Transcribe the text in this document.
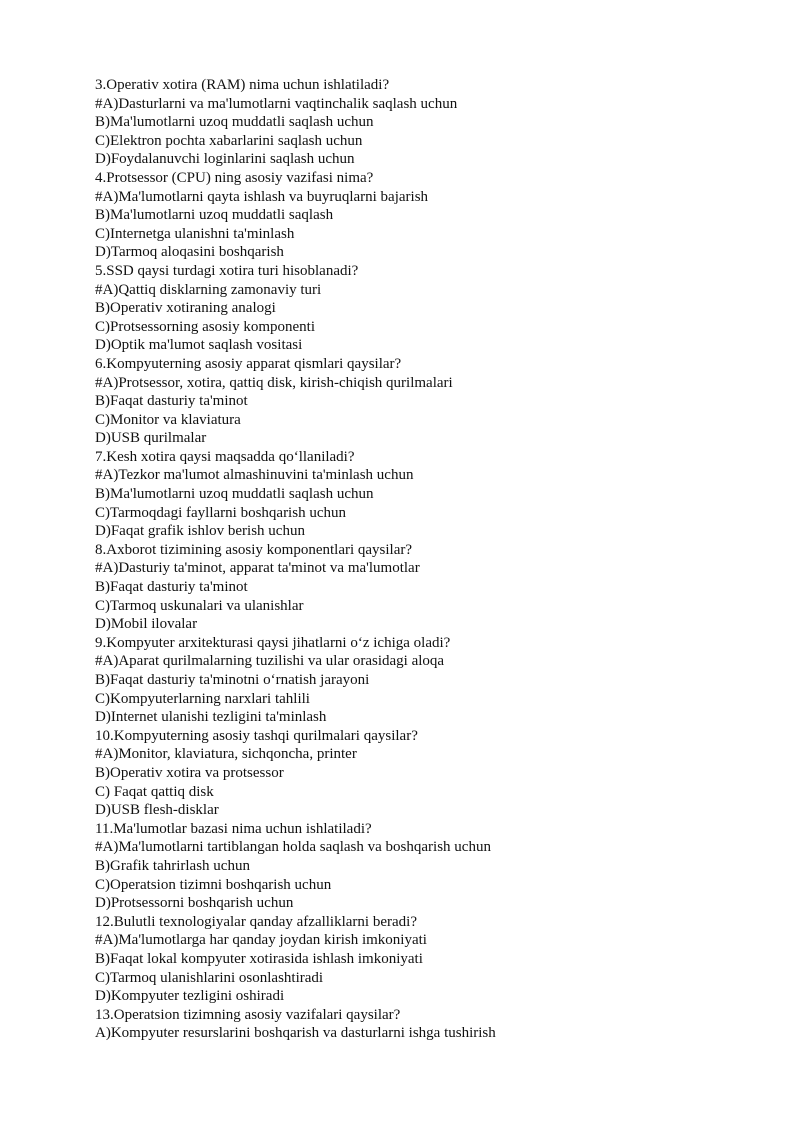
3.Operativ xotira (RAM) nima uchun ishlatiladi?
#A)Dasturlarni va ma'lumotlarni vaqtinchalik saqlash uchun
B)Ma'lumotlarni uzoq muddatli saqlash uchun
C)Elektron pochta xabarlarini saqlash uchun
D)Foydalanuvchi loginlarini saqlash uchun
4.Protsessor (CPU) ning asosiy vazifasi nima?
#A)Ma'lumotlarni qayta ishlash va buyruqlarni bajarish
B)Ma'lumotlarni uzoq muddatli saqlash
C)Internetga ulanishni ta'minlash
D)Tarmoq aloqasini boshqarish
5.SSD qaysi turdagi xotira turi hisoblanadi?
#A)Qattiq disklarning zamonaviy turi
B)Operativ xotiraning analogi
C)Protsessorning asosiy komponenti
D)Optik ma'lumot saqlash vositasi
6.Kompyuterning asosiy apparat qismlari qaysilar?
#A)Protsessor, xotira, qattiq disk, kirish-chiqish qurilmalari
B)Faqat dasturiy ta'minot
C)Monitor va klaviatura
D)USB qurilmalar
7.Kesh xotira qaysi maqsadda qo‘llaniladi?
#A)Tezkor ma'lumot almashinuvini ta'minlash uchun
B)Ma'lumotlarni uzoq muddatli saqlash uchun
C)Tarmoqdagi fayllarni boshqarish uchun
D)Faqat grafik ishlov berish uchun
8.Axborot tizimining asosiy komponentlari qaysilar?
#A)Dasturiy ta'minot, apparat ta'minot va ma'lumotlar
B)Faqat dasturiy ta'minot
C)Tarmoq uskunalari va ulanishlar
D)Mobil ilovalar
9.Kompyuter arxitekturasi qaysi jihatlarni o‘z ichiga oladi?
#A)Aparat qurilmalarning tuzilishi va ular orasidagi aloqa
B)Faqat dasturiy ta'minotni o‘rnatish jarayoni
C)Kompyuterlarning narxlari tahlili
D)Internet ulanishi tezligini ta'minlash
10.Kompyuterning asosiy tashqi qurilmalari qaysilar?
#A)Monitor, klaviatura, sichqoncha, printer
B)Operativ xotira va protsessor
C) Faqat qattiq disk
D)USB flesh-disklar
11.Ma'lumotlar bazasi nima uchun ishlatiladi?
#A)Ma'lumotlarni tartiblangan holda saqlash va boshqarish uchun
B)Grafik tahrirlash uchun
C)Operatsion tizimni boshqarish uchun
D)Protsessorni boshqarish uchun
12.Bulutli texnologiyalar qanday afzalliklarni beradi?
#A)Ma'lumotlarga har qanday joydan kirish imkoniyati
B)Faqat lokal kompyuter xotirasida ishlash imkoniyati
C)Tarmoq ulanishlarini osonlashtiradi
D)Kompyuter tezligini oshiradi
13.Operatsion tizimning asosiy vazifalari qaysilar?
A)Kompyuter resurslarini boshqarish va dasturlarni ishga tushirish
